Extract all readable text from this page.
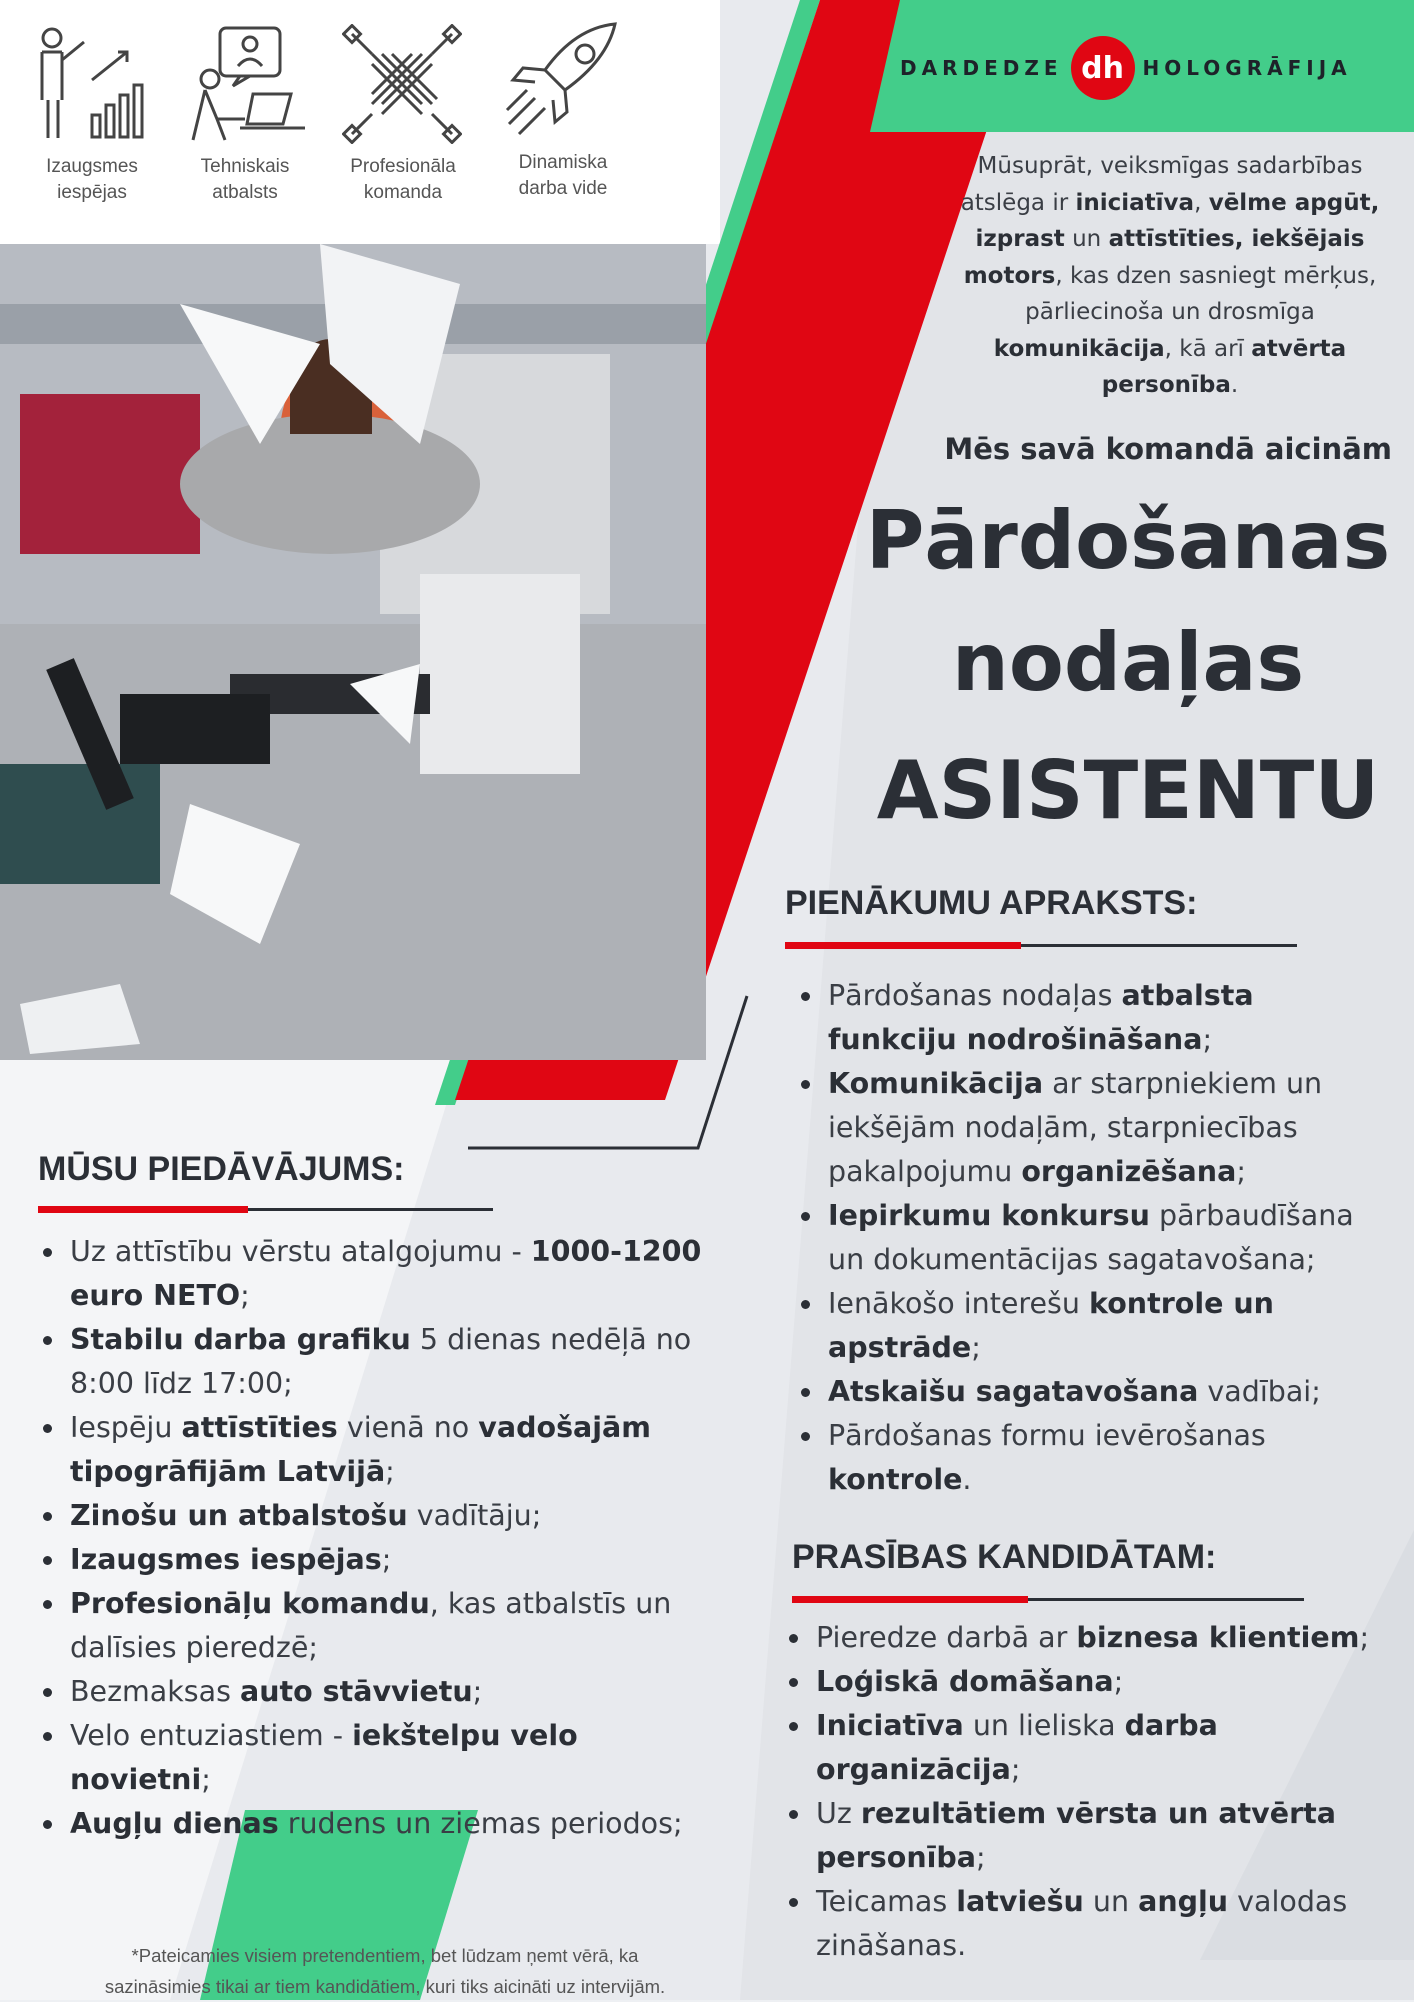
Izaugsmes
iespējas
Tehniskais
atbalsts
Profesionāla
komanda
Dinamiska
darba vide
DARDEDZE dh HOLOGRĀFIJA
Mūsuprāt, veiksmīgas sadarbības atslēga ir iniciatīva, vēlme apgūt, izprast un attīstīties, iekšējais motors, kas dzen sasniegt mērķus, pārliecinoša un drosmīga komunikācija, kā arī atvērta personība.
Mēs savā komandā aicinām
Pārdošanas
nodaļas
ASISTENTU
PIENĀKUMU APRAKSTS:
Pārdošanas nodaļas atbalsta funkciju nodrošināšana;
Komunikācija ar starpniekiem un iekšējām nodaļām, starpniecības pakalpojumu organizēšana;
Iepirkumu konkursu pārbaudīšana un dokumentācijas sagatavošana;
Ienākošo interešu kontrole un apstrāde;
Atskaišu sagatavošana vadībai;
Pārdošanas formu ievērošanas kontrole.
PRASĪBAS KANDIDĀTAM:
Pieredze darbā ar biznesa klientiem;
Loģiskā domāšana;
Iniciatīva un lieliska darba organizācija;
Uz rezultātiem vērsta un atvērta personība;
Teicamas latviešu un angļu valodas zināšanas.
MŪSU PIEDĀVĀJUMS:
Uz attīstību vērstu atalgojumu - 1000-1200 euro NETO;
Stabilu darba grafiku 5 dienas nedēļā no 8:00 līdz 17:00;
Iespēju attīstīties vienā no vadošajām tipogrāfijām Latvijā;
Zinošu un atbalstošu vadītāju;
Izaugsmes iespējas;
Profesionāļu komandu, kas atbalstīs un dalīsies pieredzē;
Bezmaksas auto stāvvietu;
Velo entuziastiem - iekštelpu velo novietni;
Augļu dienas rudens un ziemas periodos;
*Pateicamies visiem pretendentiem, bet lūdzam ņemt vērā, ka
sazināsimies tikai ar tiem kandidātiem, kuri tiks aicināti uz intervijām.
